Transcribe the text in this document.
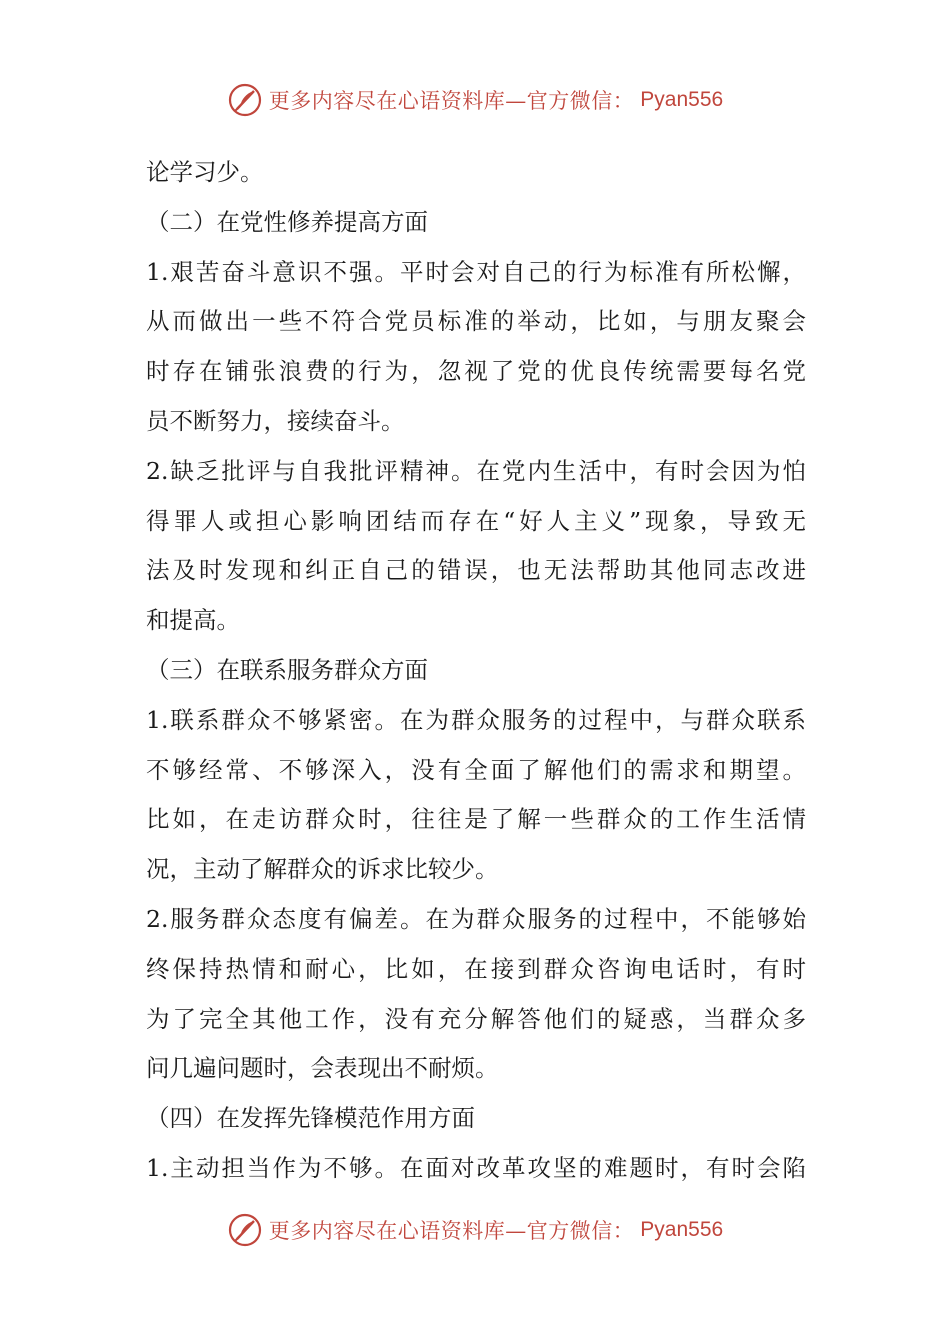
更多内容尽在心语资料库—官方微信： Pyan556
论学习少。
（二）在党性修养提高方面
1.艰苦奋斗意识不强。平时会对自己的行为标准有所松懈，
从而做出一些不符合党员标准的举动，比如，与朋友聚会
时存在铺张浪费的行为，忽视了党的优良传统需要每名党
员不断努力，接续奋斗。
2.缺乏批评与自我批评精神。在党内生活中，有时会因为怕
得罪人或担心影响团结而存在“好人主义”现象，导致无
法及时发现和纠正自己的错误，也无法帮助其他同志改进
和提高。
（三）在联系服务群众方面
1.联系群众不够紧密。在为群众服务的过程中，与群众联系
不够经常、不够深入，没有全面了解他们的需求和期望。
比如，在走访群众时，往往是了解一些群众的工作生活情
况，主动了解群众的诉求比较少。
2.服务群众态度有偏差。在为群众服务的过程中，不能够始
终保持热情和耐心，比如，在接到群众咨询电话时，有时
为了完全其他工作，没有充分解答他们的疑惑，当群众多
问几遍问题时，会表现出不耐烦。
（四）在发挥先锋模范作用方面
1.主动担当作为不够。在面对改革攻坚的难题时，有时会陷
更多内容尽在心语资料库—官方微信： Pyan556
